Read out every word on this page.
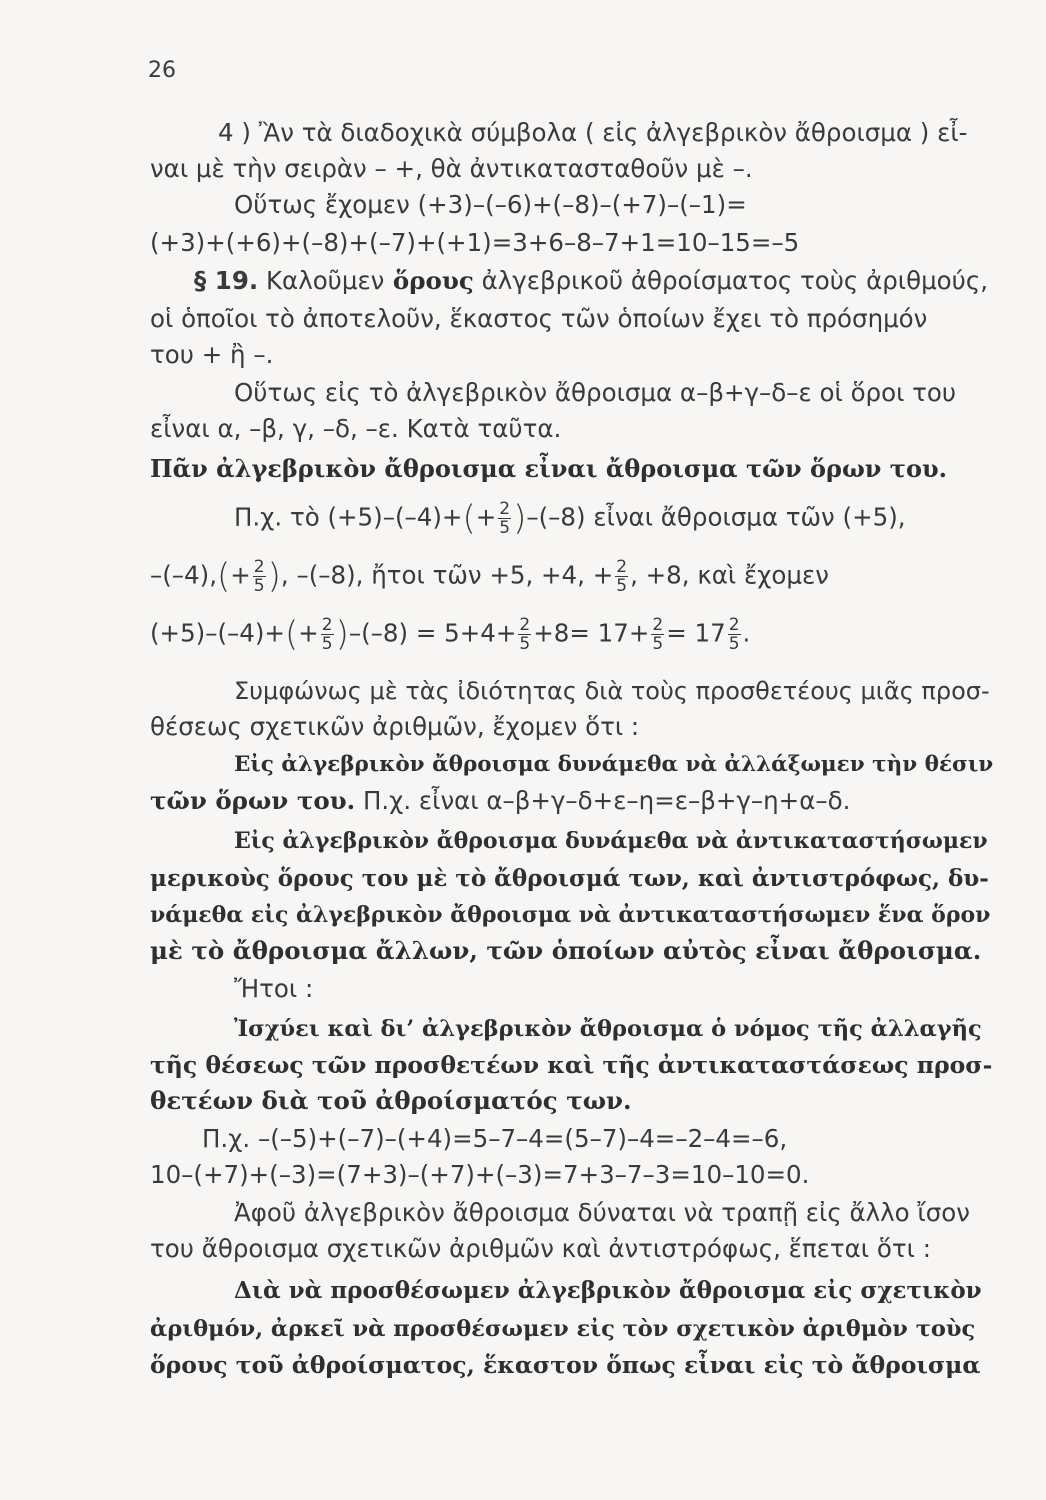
26
4 ) Ἂν τὰ διαδοχικὰ σύμβολα ( εἰς ἀλγεβρικὸν ἄθροισμα ) εἶ-
ναι μὲ τὴν σειρὰν – +, θὰ ἀντικατασταθοῦν μὲ –.
Οὕτως ἔχομεν (+3)–(–6)+(–8)–(+7)–(–1)=
(+3)+(+6)+(–8)+(–7)+(+1)=3+6–8–7+1=10–15=–5
§ 19. Καλοῦμεν ὅρους ἀλγεβρικοῦ ἀθροίσματος τοὺς ἀριθμούς,
οἱ ὁποῖοι τὸ ἀποτελοῦν, ἕκαστος τῶν ὁποίων ἔχει τὸ πρόσημόν
του + ἢ –.
Οὕτως εἰς τὸ ἀλγεβρικὸν ἄθροισμα α–β+γ–δ–ε οἱ ὅροι του
εἶναι α, –β, γ, –δ, –ε. Κατὰ ταῦτα.
Πᾶν ἀλγεβρικὸν ἄθροισμα εἶναι ἄθροισμα τῶν ὅρων του.
Π.χ. τὸ $(+5)-(-4)+(+ \frac{2}{5} )-(-8)$ εἶναι ἄθροισμα τῶν (+5),
$-(-4),(+ \frac{2}{5}$ ), –(–8), ἤτοι τῶν +5, +4, + $\frac{2}{5}$ , +8, καὶ ἔχομεν
$(+5)-(-4)+(+ \frac{2}{5} )-(-8) = 5+4+ \frac{2}{5} +8= 17+ \frac{2}{5} = 17 \frac{2}{5}$ .
Συμφώνως μὲ τὰς ἰδιότητας διὰ τοὺς προσθετέους μιᾶς προσ-
θέσεως σχετικῶν ἀριθμῶν, ἔχομεν ὅτι :
Εἰς ἀλγεβρικὸν ἄθροισμα δυνάμεθα νὰ ἀλλάξωμεν τὴν θέσιν
τῶν ὅρων του. Π.χ. εἶναι α–β+γ–δ+ε–η=ε–β+γ–η+α–δ.
Εἰς ἀλγεβρικὸν ἄθροισμα δυνάμεθα νὰ ἀντικαταστήσωμεν
μερικοὺς ὅρους του μὲ τὸ ἄθροισμά των, καὶ ἀντιστρόφως, δυ-
νάμεθα εἰς ἀλγεβρικὸν ἄθροισμα νὰ ἀντικαταστήσωμεν ἕνα ὅρον
μὲ τὸ ἄθροισμα ἄλλων, τῶν ὁποίων αὐτὸς εἶναι ἄθροισμα.
Ἤτοι :
Ἰσχύει καὶ δι’ ἀλγεβρικὸν ἄθροισμα ὁ νόμος τῆς ἀλλαγῆς
τῆς θέσεως τῶν προσθετέων καὶ τῆς ἀντικαταστάσεως προσ-
θετέων διὰ τοῦ ἀθροίσματός των.
Π.χ. –(–5)+(–7)–(+4)=5–7–4=(5–7)–4=–2–4=–6,
10–(+7)+(–3)=(7+3)–(+7)+(–3)=7+3–7–3=10–10=0.
Ἀφοῦ ἀλγεβρικὸν ἄθροισμα δύναται νὰ τραπῇ εἰς ἄλλο ἴσον
του ἄθροισμα σχετικῶν ἀριθμῶν καὶ ἀντιστρόφως, ἕπεται ὅτι :
Διὰ νὰ προσθέσωμεν ἀλγεβρικὸν ἄθροισμα εἰς σχετικὸν
ἀριθμόν, ἀρκεῖ νὰ προσθέσωμεν εἰς τὸν σχετικὸν ἀριθμὸν τοὺς
ὅρους τοῦ ἀθροίσματος, ἕκαστον ὅπως εἶναι εἰς τὸ ἄθροισμα
